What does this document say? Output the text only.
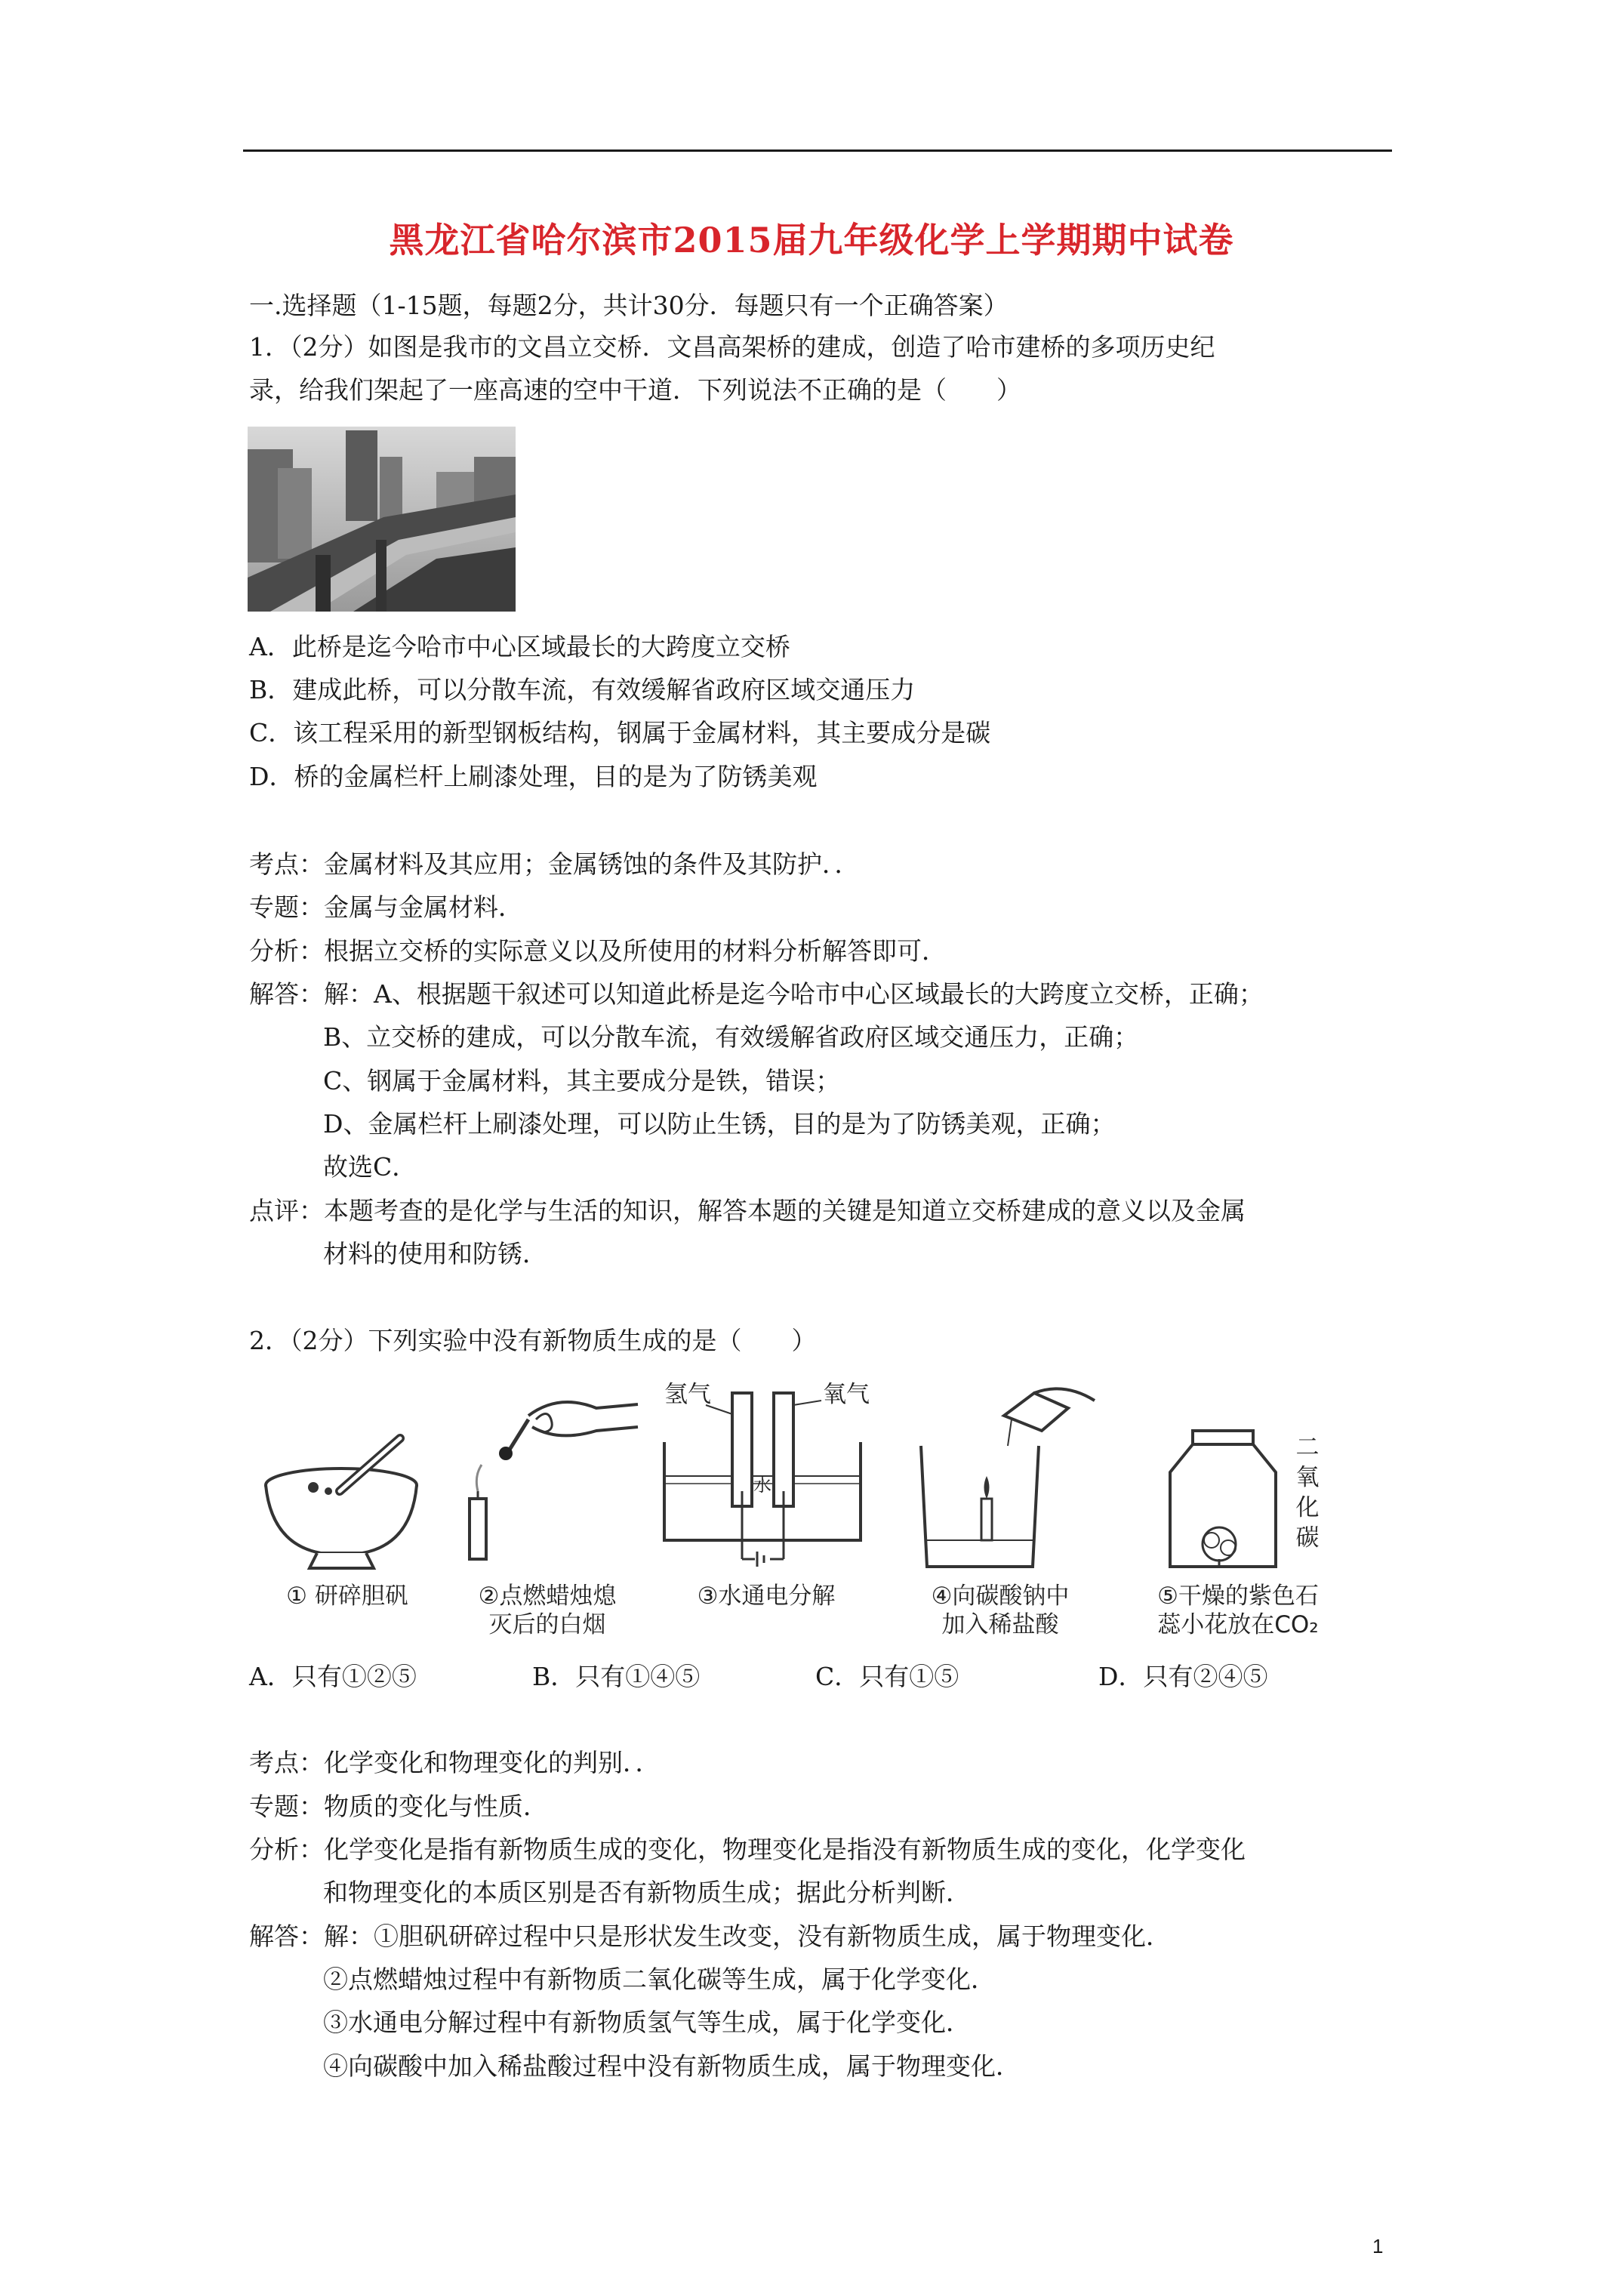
黑龙江省哈尔滨市2015届九年级化学上学期期中试卷
一.选择题（1-15题，每题2分，共计30分．每题只有一个正确答案）
1．（2分）如图是我市的文昌立交桥．文昌高架桥的建成，创造了哈市建桥的多项历史纪
录，给我们架起了一座高速的空中干道．下列说法不正确的是（　　）
A．此桥是迄今哈市中心区域最长的大跨度立交桥
B．建成此桥，可以分散车流，有效缓解省政府区域交通压力
C．该工程采用的新型钢板结构，钢属于金属材料，其主要成分是碳
D．桥的金属栏杆上刷漆处理，目的是为了防锈美观
考点：金属材料及其应用；金属锈蚀的条件及其防护．．
专题：金属与金属材料．
分析：根据立交桥的实际意义以及所使用的材料分析解答即可．
解答：解：A、根据题干叙述可以知道此桥是迄今哈市中心区域最长的大跨度立交桥，正确；
B、立交桥的建成，可以分散车流，有效缓解省政府区域交通压力，正确；
C、钢属于金属材料，其主要成分是铁，错误；
D、金属栏杆上刷漆处理，可以防止生锈，目的是为了防锈美观，正确；
故选C．
点评：本题考查的是化学与生活的知识，解答本题的关键是知道立交桥建成的意义以及金属
材料的使用和防锈．
2．（2分）下列实验中没有新物质生成的是（　　）
① 研碎胆矾	②点燃蜡烛熄
灭后的白烟
氢气	氧气
水
③水通电分解	④向碳酸钠中
加入稀盐酸
二
氧
化
碳
⑤干燥的紫色石
蕊小花放在CO₂
A．只有①②⑤	B．只有①④⑤	C．只有①⑤	D．只有②④⑤
考点：化学变化和物理变化的判别．．
专题：物质的变化与性质．
分析：化学变化是指有新物质生成的变化，物理变化是指没有新物质生成的变化，化学变化
和物理变化的本质区别是否有新物质生成；据此分析判断．
解答：解：①胆矾研碎过程中只是形状发生改变，没有新物质生成，属于物理变化．
②点燃蜡烛过程中有新物质二氧化碳等生成，属于化学变化．
③水通电分解过程中有新物质氢气等生成，属于化学变化．
④向碳酸中加入稀盐酸过程中没有新物质生成，属于物理变化．
1
